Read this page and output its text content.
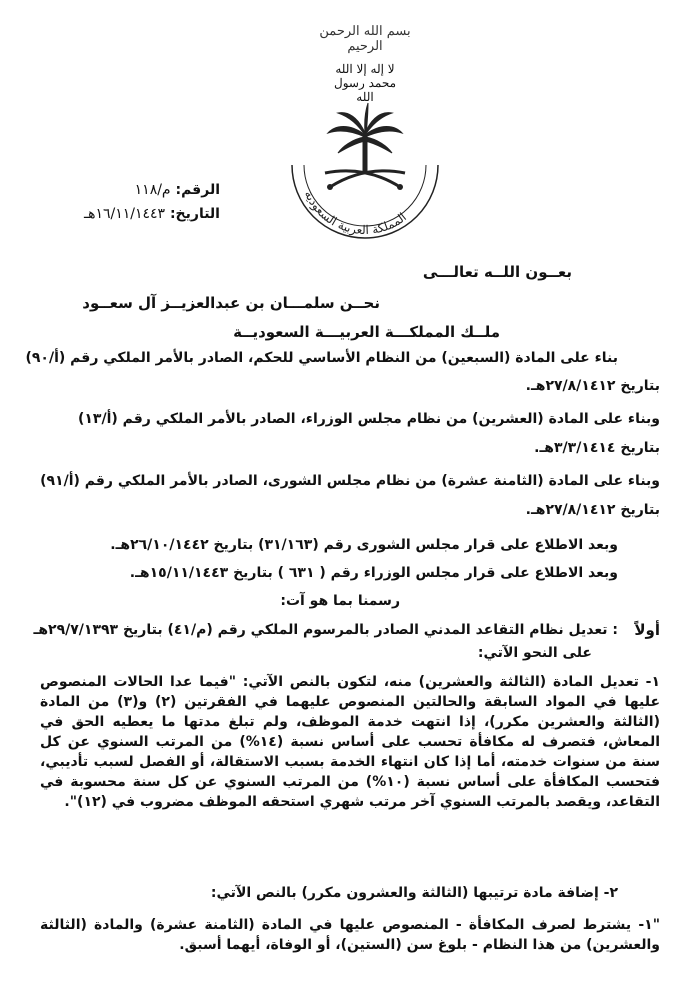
بسم الله الرحمن الرحيم
لا إله إلا الله محمد رسول الله
المملكة العربية السعودية
الرقم: م/١١٨
التاريخ: ١٦/١١/١٤٤٣هـ
بعــون اللــه تعالـــى
نحــن سلمـــان بن عبدالعزيــز آل سعــود
ملــك المملكـــة العربيـــة السعوديــة
بناء على المادة (السبعين) من النظام الأساسي للحكم، الصادر بالأمر الملكي رقم (أ/٩٠)
بتاريخ ٢٧/٨/١٤١٢هـ.
وبناء على المادة (العشرين) من نظام مجلس الوزراء، الصادر بالأمر الملكي رقم (أ/١٣)
بتاريخ ٣/٣/١٤١٤هـ.
وبناء على المادة (الثامنة عشرة) من نظام مجلس الشورى، الصادر بالأمر الملكي رقم (أ/٩١)
بتاريخ ٢٧/٨/١٤١٢هـ.
وبعد الاطلاع على قرار مجلس الشورى رقم (٣١/١٦٣) بتاريخ ٢٦/١٠/١٤٤٢هـ.
وبعد الاطلاع على قرار مجلس الوزراء رقم ( ٦٣١ ) بتاريخ ١٥/١١/١٤٤٣هـ.
رسمنا بما هو آت:
أولاً
: تعديل نظام التقاعد المدني الصادر بالمرسوم الملكي رقم (م/٤١) بتاريخ ٢٩/٧/١٣٩٣هـ
على النحو الآتي:
١- تعديل المادة (الثالثة والعشرين) منه، لتكون بالنص الآتي: "فيما عدا الحالات المنصوص عليها في المواد السابقة والحالتين المنصوص عليهما في الفقرتين (٢) و(٣) من المادة (الثالثة والعشرين مكرر)، إذا انتهت خدمة الموظف، ولم تبلغ مدتها ما يعطيه الحق في المعاش، فتصرف له مكافأة تحسب على أساس نسبة (١٤%) من المرتب السنوي عن كل سنة من سنوات خدمته، أما إذا كان انتهاء الخدمة بسبب الاستقالة، أو الفصل لسبب تأديبي، فتحسب المكافأة على أساس نسبة (١٠%) من المرتب السنوي عن كل سنة محسوبة في التقاعد، ويقصد بالمرتب السنوي آخر مرتب شهري استحقه الموظف مضروب في (١٢)".
٢- إضافة مادة ترتيبها (الثالثة والعشرون مكرر) بالنص الآتي:
"١- يشترط لصرف المكافأة - المنصوص عليها في المادة (الثامنة عشرة) والمادة (الثالثة والعشرين) من هذا النظام - بلوغ سن (الستين)، أو الوفاة، أيهما أسبق.
